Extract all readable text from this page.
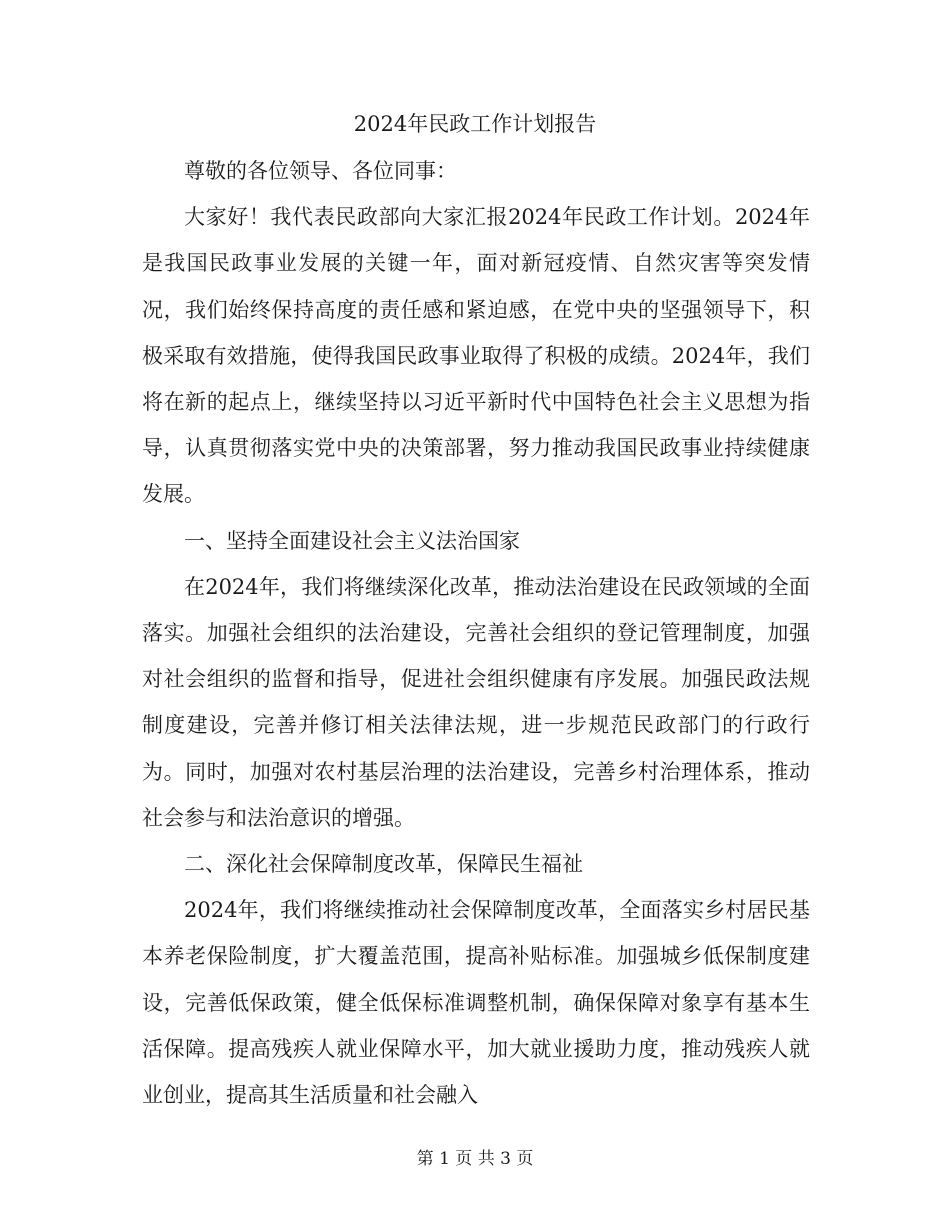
2024年民政工作计划报告

尊敬的各位领导、各位同事：

大家好！我代表民政部向大家汇报2024年民政工作计划。2024年是我国民政事业发展的关键一年，面对新冠疫情、自然灾害等突发情况，我们始终保持高度的责任感和紧迫感，在党中央的坚强领导下，积极采取有效措施，使得我国民政事业取得了积极的成绩。2024年，我们将在新的起点上，继续坚持以习近平新时代中国特色社会主义思想为指导，认真贯彻落实党中央的决策部署，努力推动我国民政事业持续健康发展。

一、坚持全面建设社会主义法治国家

在2024年，我们将继续深化改革，推动法治建设在民政领域的全面落实。加强社会组织的法治建设，完善社会组织的登记管理制度，加强对社会组织的监督和指导，促进社会组织健康有序发展。加强民政法规制度建设，完善并修订相关法律法规，进一步规范民政部门的行政行为。同时，加强对农村基层治理的法治建设，完善乡村治理体系，推动社会参与和法治意识的增强。

二、深化社会保障制度改革，保障民生福祉

2024年，我们将继续推动社会保障制度改革，全面落实乡村居民基本养老保险制度，扩大覆盖范围，提高补贴标准。加强城乡低保制度建设，完善低保政策，健全低保标准调整机制，确保保障对象享有基本生活保障。提高残疾人就业保障水平，加大就业援助力度，推动残疾人就业创业，提高其生活质量和社会融入

第 1 页 共 3 页
